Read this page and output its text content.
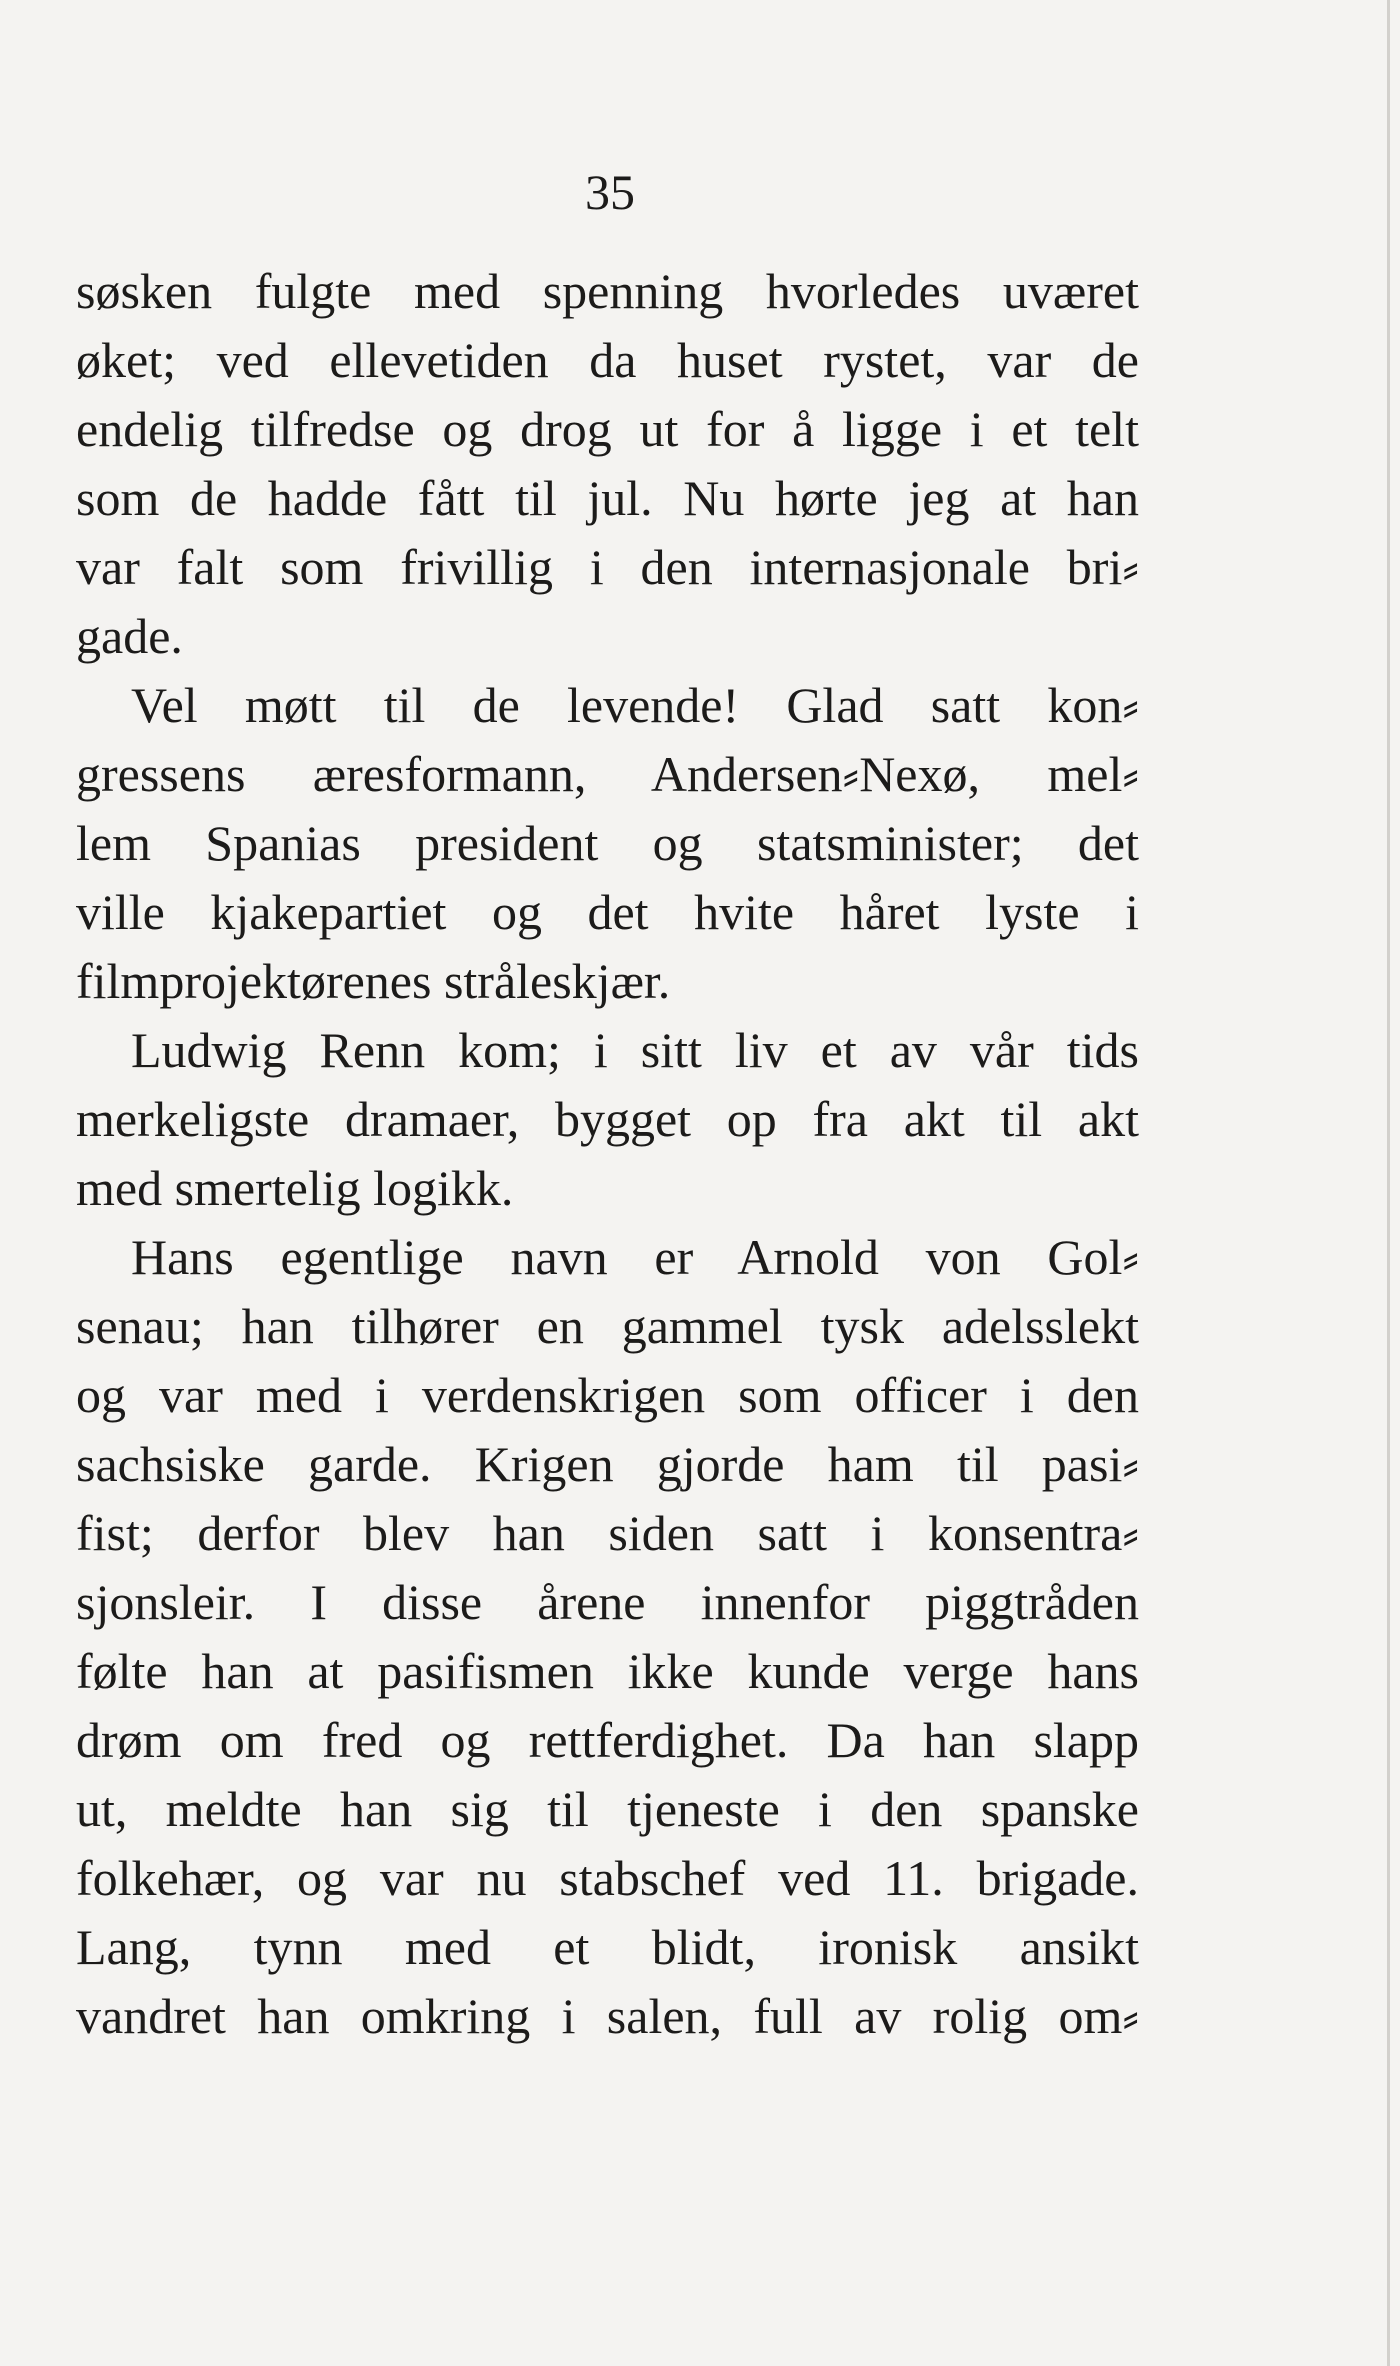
35
søsken fulgte med spenning hvorledes uværet
øket; ved ellevetiden da huset rystet, var de
endelig tilfredse og drog ut for å ligge i et telt
som de hadde fått til jul. Nu hørte jeg at han
var falt som frivillig i den internasjonale bri⸗
gade.
Vel møtt til de levende! Glad satt kon⸗
gressens æresformann, Andersen⸗Nexø, mel⸗
lem Spanias president og statsminister; det
ville kjakepartiet og det hvite håret lyste i
filmprojektørenes stråleskjær.
Ludwig Renn kom; i sitt liv et av vår tids
merkeligste dramaer, bygget op fra akt til akt
med smertelig logikk.
Hans egentlige navn er Arnold von Gol⸗
senau; han tilhører en gammel tysk adelsslekt
og var med i verdenskrigen som officer i den
sachsiske garde. Krigen gjorde ham til pasi⸗
fist; derfor blev han siden satt i konsentra⸗
sjonsleir. I disse årene innenfor piggtråden
følte han at pasifismen ikke kunde verge hans
drøm om fred og rettferdighet. Da han slapp
ut, meldte han sig til tjeneste i den spanske
folkehær, og var nu stabschef ved 11. brigade.
Lang, tynn med et blidt, ironisk ansikt
vandret han omkring i salen, full av rolig om⸗
